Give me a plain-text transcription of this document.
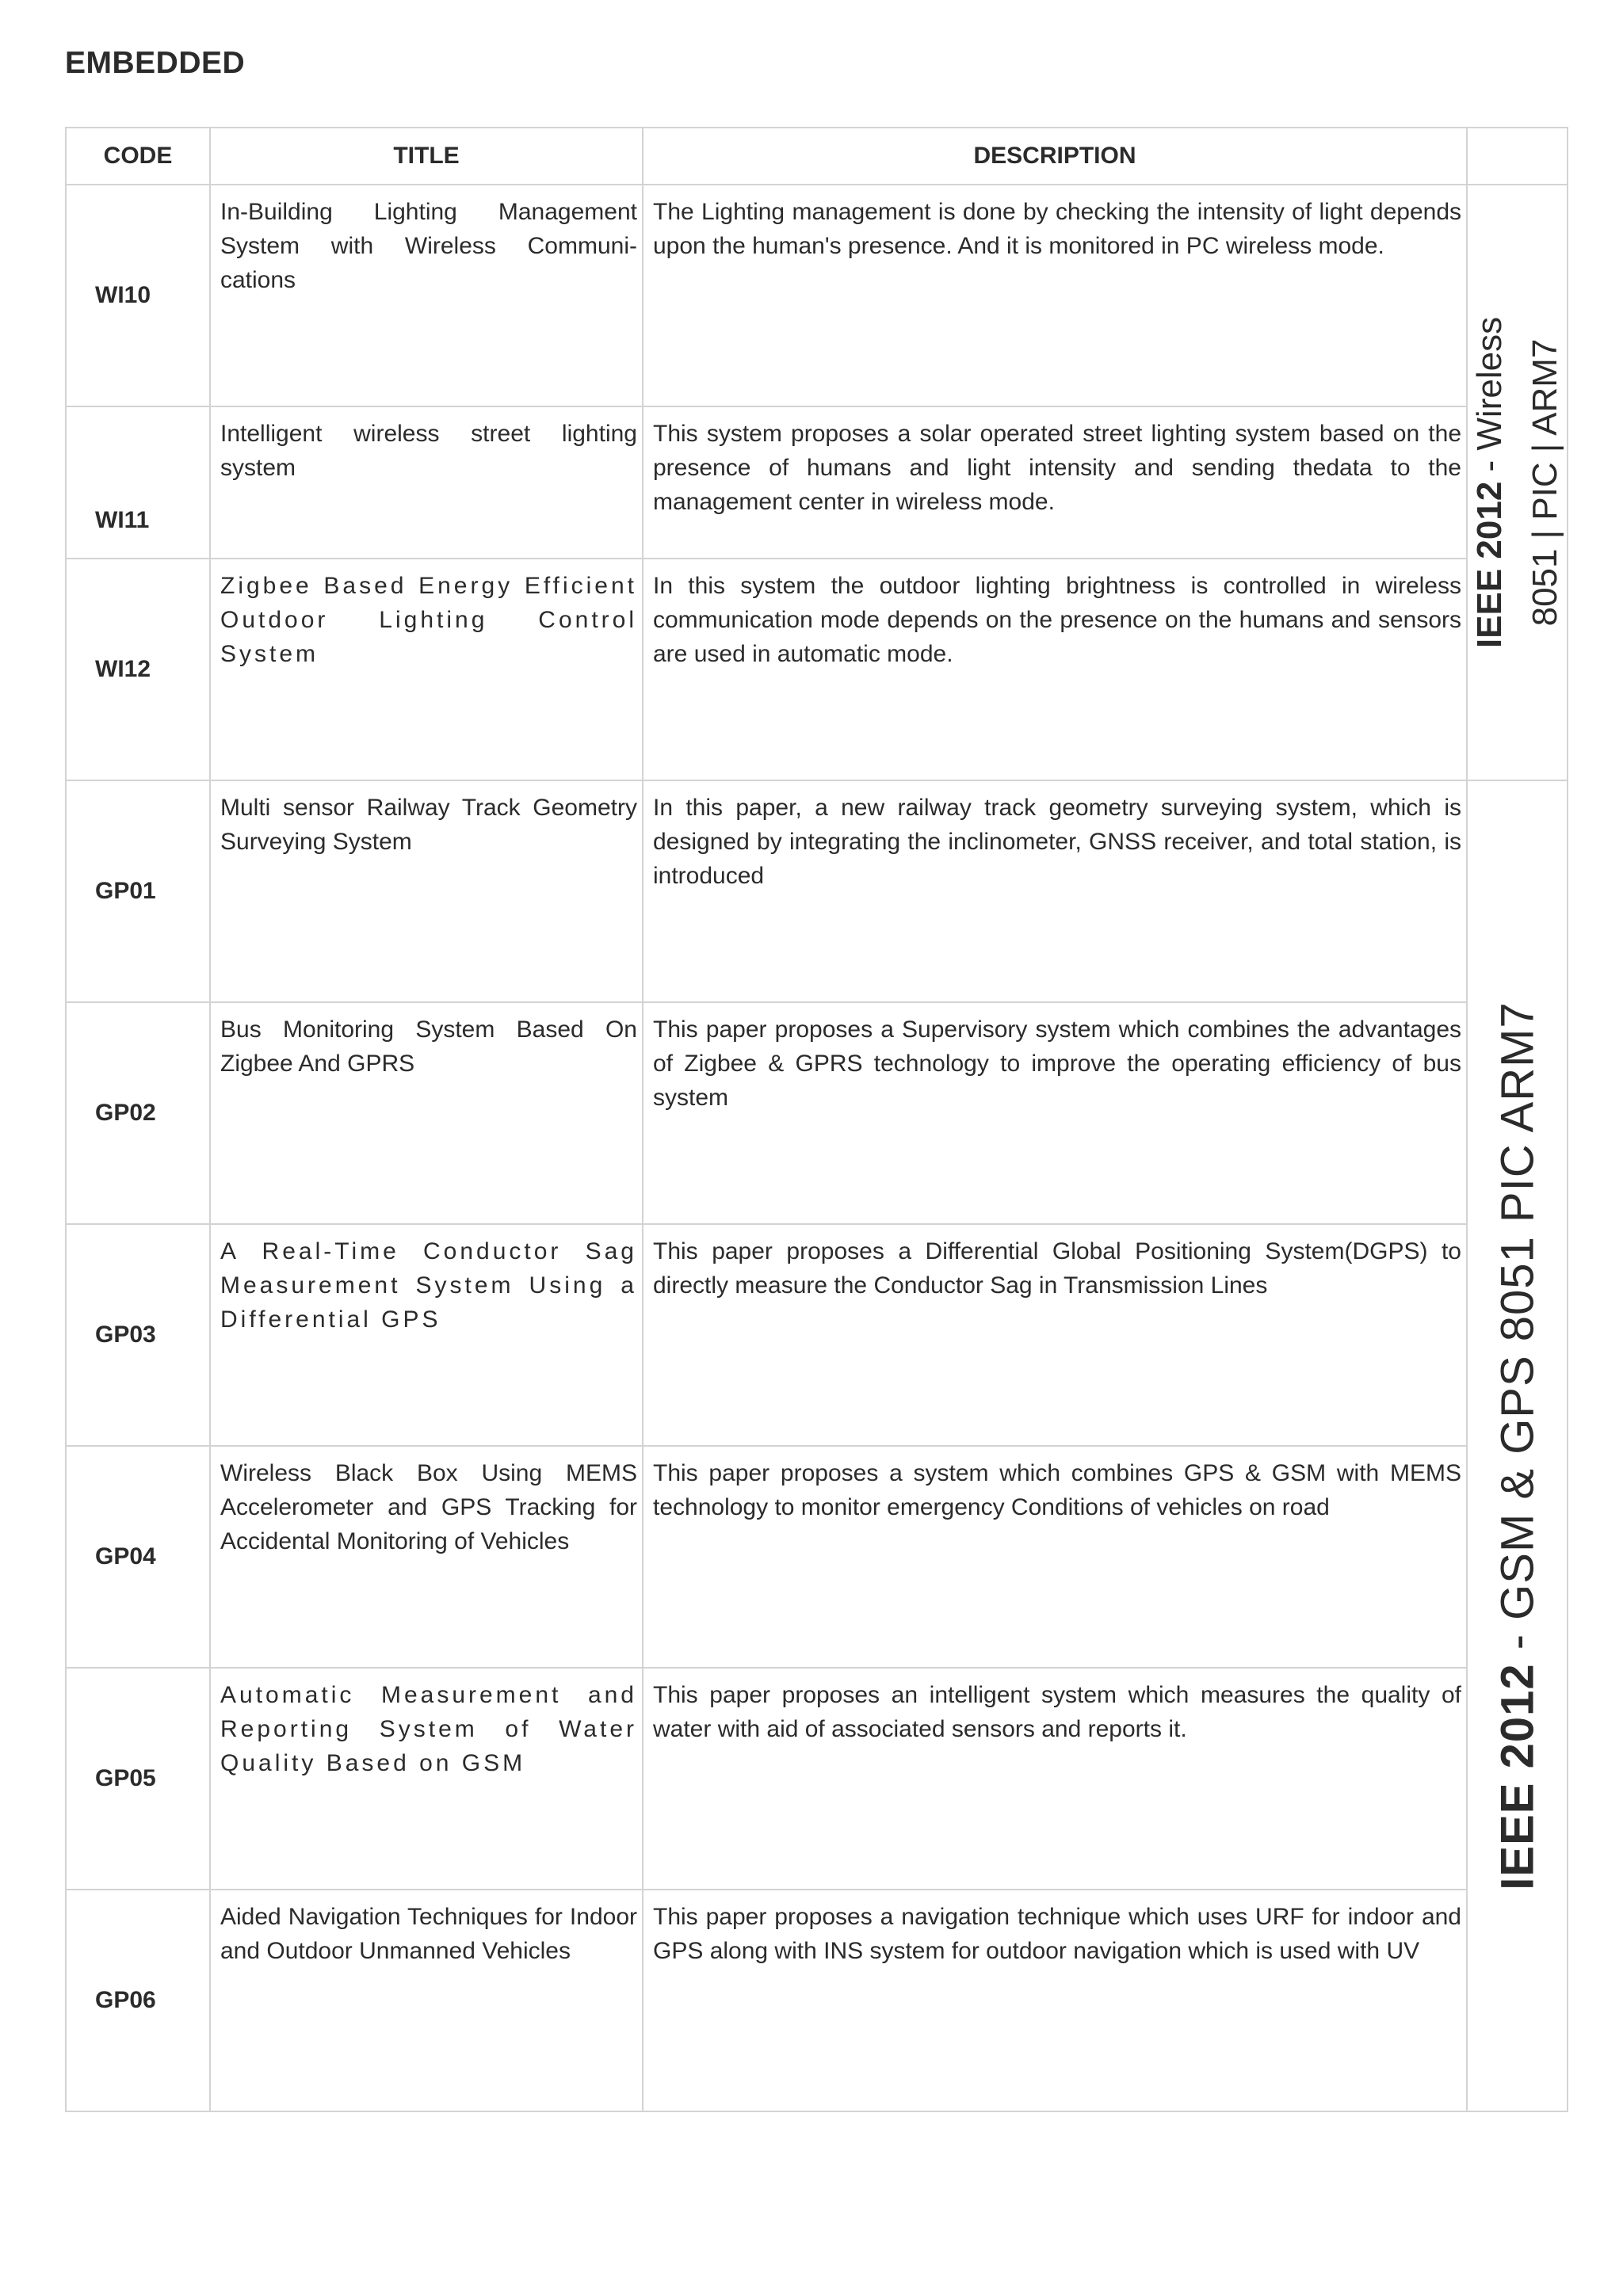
EMBEDDED
CODE	TITLE	DESCRIPTION	
WI10	In-Building Lighting Management System with Wireless Communi-cations	The Lighting management is done by checking the intensity of light depends upon the human's presence. And it is monitored in PC wireless mode.	IEEE 2012 - Wireless 8051 | PIC | ARM7

WI11	Intelligent wireless street lighting system	This system proposes a solar operated street lighting system based on the presence of humans and light intensity and sending thedata to the management center in wireless mode.	
WI12	Zigbee Based Energy Efficient Outdoor Lighting Control System	In this system the outdoor lighting brightness is controlled in wireless communication mode depends on the presence on the humans and sensors are used in automatic mode.	
GP01	Multi sensor Railway Track Geometry Surveying System	In this paper, a new railway track geometry surveying system, which is designed by integrating the inclinometer, GNSS receiver, and total station, is introduced	IEEE 2012 - GSM & GPS 8051 PIC ARM7

GP02	Bus Monitoring System Based On Zigbee And GPRS	This paper proposes a Supervisory system which combines the advantages of Zigbee & GPRS technology to improve the operating efficiency of bus system	
GP03	A Real-Time Conductor Sag Measurement System Using a Differential GPS	This paper proposes a Differential Global Positioning System(DGPS) to directly measure the Conductor Sag in Transmission Lines	
GP04	Wireless Black Box Using MEMS Accelerometer and GPS Tracking for Accidental Monitoring of Vehicles	This paper proposes a system which combines GPS & GSM with MEMS technology to monitor emergency Conditions of vehicles on road	
GP05	Automatic Measurement and Reporting System of Water Quality Based on GSM	This paper proposes an intelligent system which measures the quality of water with aid of associated sensors and reports it.	
GP06	Aided Navigation Techniques for Indoor and Outdoor Unmanned Vehicles	This paper proposes a navigation technique which uses URF for indoor and GPS along with INS system for outdoor navigation which is used with UV	
